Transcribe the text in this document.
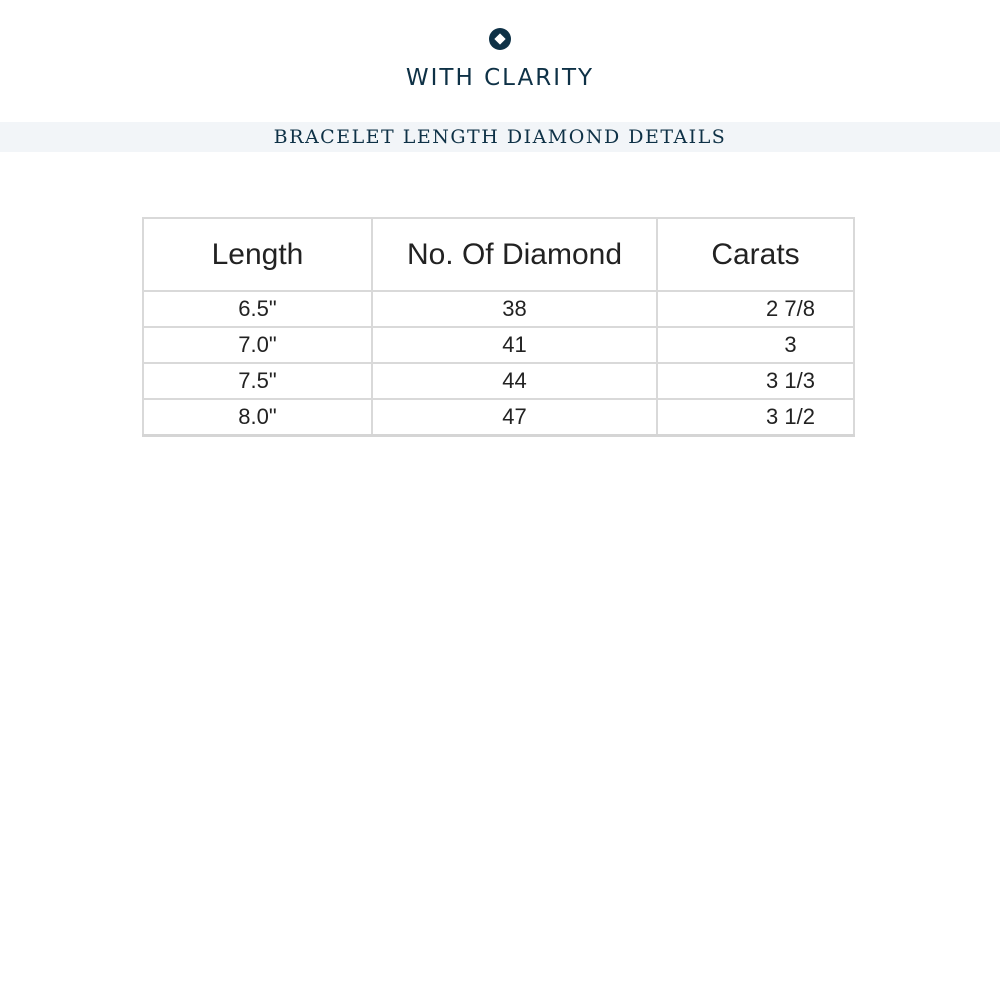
WITH CLARITY
BRACELET LENGTH DIAMOND DETAILS
Length	No. Of Diamond	Carats
6.5"	38	2 7/8
7.0"	41	3
7.5"	44	3 1/3
8.0"	47	3 1/2
